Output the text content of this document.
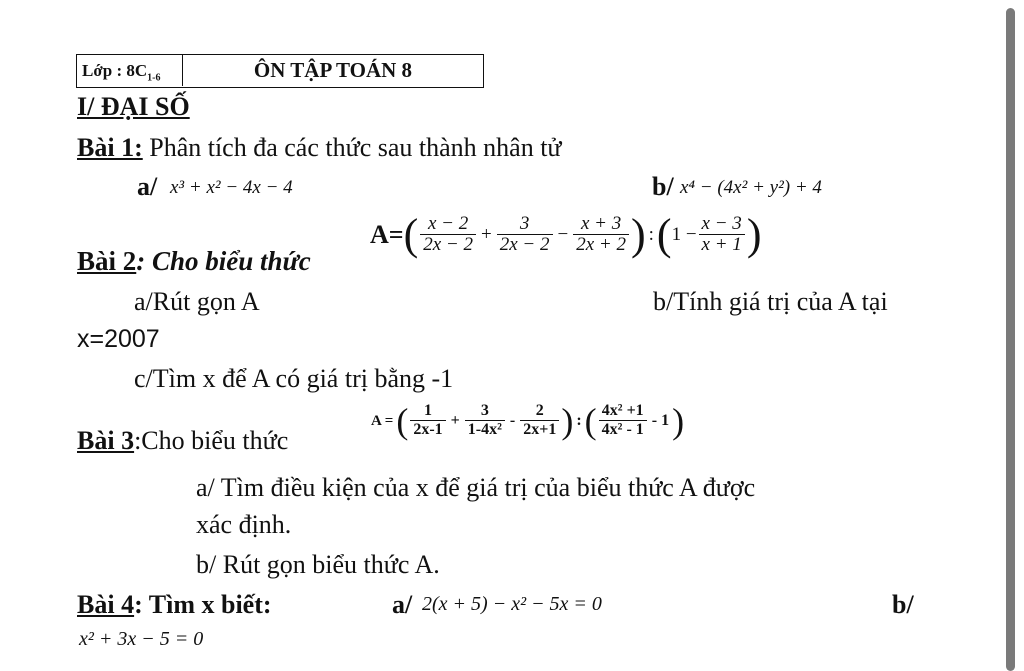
Lớp : $8C_{1-6}$	ÔN TẬP TOÁN 8
I/ ĐẠI SỐ
Bài 1: Phân tích đa các thức sau thành nhân tử
a/ x³ + x² − 4x − 4	b/ x⁴ − (4x² + y²) + 4
Bài 2: Cho biểu thức
$A=( \frac{x - 2}{2x - 2} + \frac{3}{2x - 2} - \frac{x + 3}{2x + 2}$ ) :(1 − $\frac{x - 3}{x + 1}$ )
a/Rút gọn A	b/Tính giá trị của A tại
x=2007
c/Tìm x để A có giá trị bằng -1
Bài 3:Cho biểu thức
A =( $\frac{1}{2x-1} + \frac{3}{\text{1-4x²}} - \frac{2}{2x+1}$ ) :( $\frac{\text{4x² +1}}{\text{4x² - 1}} - 1$)
a/ Tìm điều kiện của x để giá trị của biểu thức A được
xác định.
b/ Rút gọn biểu thức A.
Bài 4: Tìm x biết:	a/ 2(x + 5) − x² − 5x = 0	b/
x² + 3x − 5 = 0
